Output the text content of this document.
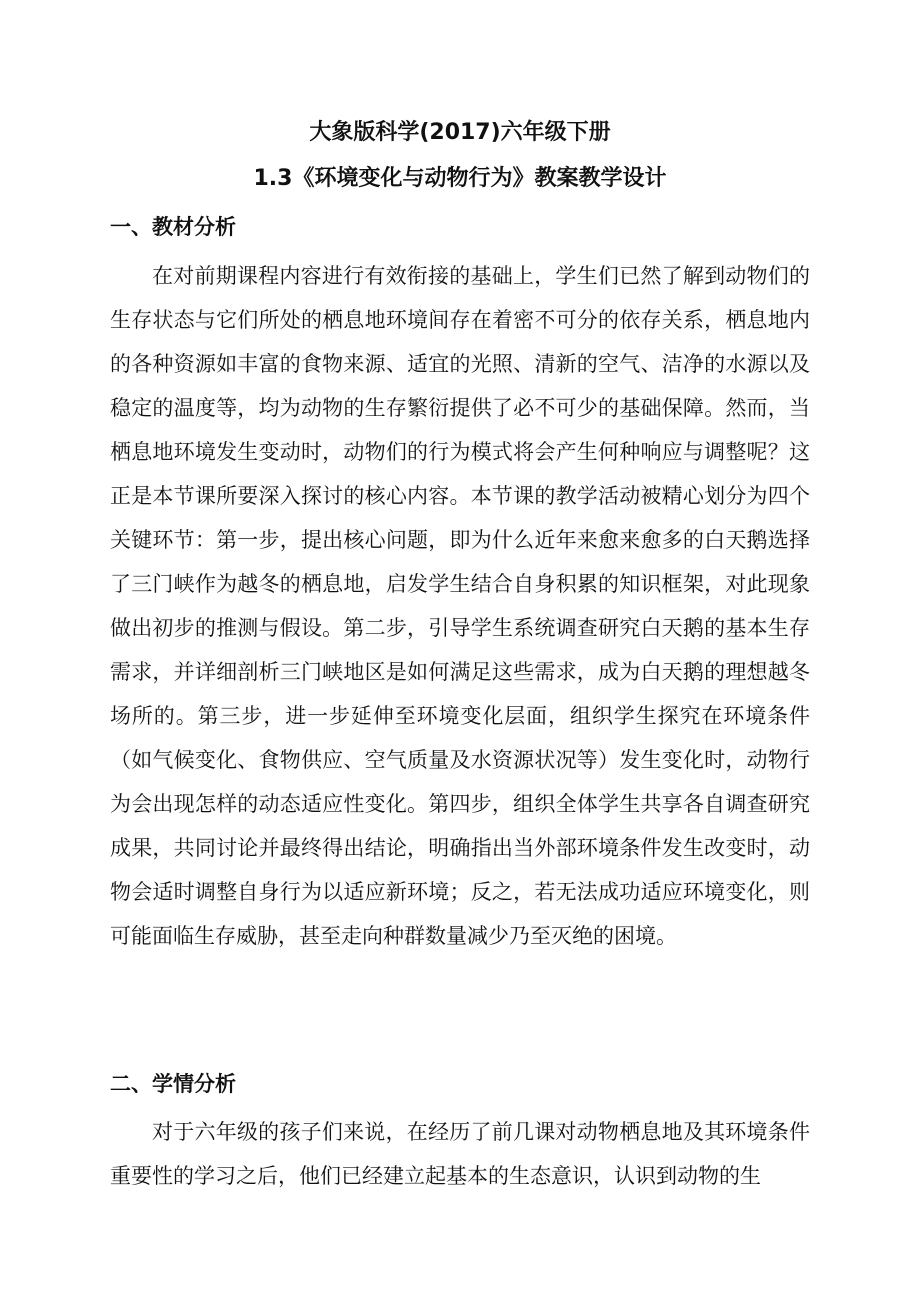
大象版科学(2017)六年级下册
1.3《环境变化与动物行为》教案教学设计
一、教材分析

在对前期课程内容进行有效衔接的基础上，学生们已然了解到动物们的生存状态与它们所处的栖息地环境间存在着密不可分的依存关系，栖息地内的各种资源如丰富的食物来源、适宜的光照、清新的空气、洁净的水源以及稳定的温度等，均为动物的生存繁衍提供了必不可少的基础保障。然而，当栖息地环境发生变动时，动物们的行为模式将会产生何种响应与调整呢？这正是本节课所要深入探讨的核心内容。本节课的教学活动被精心划分为四个关键环节：第一步，提出核心问题，即为什么近年来愈来愈多的白天鹅选择了三门峡作为越冬的栖息地，启发学生结合自身积累的知识框架，对此现象做出初步的推测与假设。第二步，引导学生系统调查研究白天鹅的基本生存需求，并详细剖析三门峡地区是如何满足这些需求，成为白天鹅的理想越冬场所的。第三步，进一步延伸至环境变化层面，组织学生探究在环境条件（如气候变化、食物供应、空气质量及水资源状况等）发生变化时，动物行为会出现怎样的动态适应性变化。第四步，组织全体学生共享各自调查研究成果，共同讨论并最终得出结论，明确指出当外部环境条件发生改变时，动物会适时调整自身行为以适应新环境；反之，若无法成功适应环境变化，则可能面临生存威胁，甚至走向种群数量减少乃至灭绝的困境。

二、学情分析

对于六年级的孩子们来说，在经历了前几课对动物栖息地及其环境条件重要性的学习之后，他们已经建立起基本的生态意识，认识到动物的生
